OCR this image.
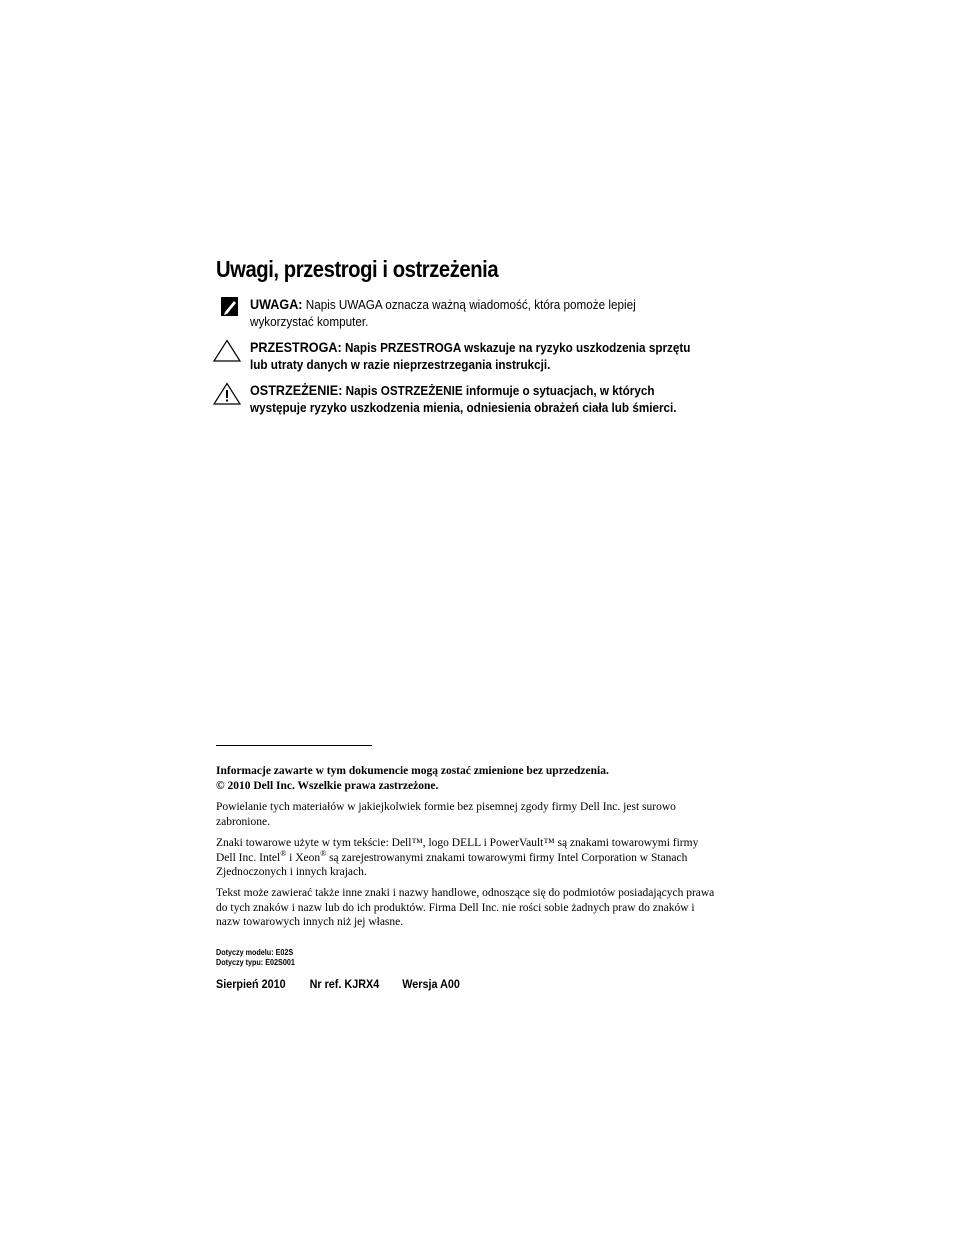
Uwagi, przestrogi i ostrzeżenia
UWAGA: Napis UWAGA oznacza ważną wiadomość, która pomoże lepiej wykorzystać komputer.
PRZESTROGA: Napis PRZESTROGA wskazuje na ryzyko uszkodzenia sprzętu lub utraty danych w razie nieprzestrzegania instrukcji.
OSTRZEŻENIE: Napis OSTRZEŻENIE informuje o sytuacjach, w których występuje ryzyko uszkodzenia mienia, odniesienia obrażeń ciała lub śmierci.
Informacje zawarte w tym dokumencie mogą zostać zmienione bez uprzedzenia.
© 2010 Dell Inc. Wszelkie prawa zastrzeżone.
Powielanie tych materiałów w jakiejkolwiek formie bez pisemnej zgody firmy Dell Inc. jest surowo zabronione.
Znaki towarowe użyte w tym tekście: Dell™, logo DELL i PowerVault™ są znakami towarowymi firmy Dell Inc. Intel® i Xeon® są zarejestrowanymi znakami towarowymi firmy Intel Corporation w Stanach Zjednoczonych i innych krajach.
Tekst może zawierać także inne znaki i nazwy handlowe, odnoszące się do podmiotów posiadających prawa do tych znaków i nazw lub do ich produktów. Firma Dell Inc. nie rości sobie żadnych praw do znaków i nazw towarowych innych niż jej własne.
Dotyczy modelu: E02S
Dotyczy typu: E02S001
Sierpień 2010 Nr ref. KJRX4 Wersja A00
